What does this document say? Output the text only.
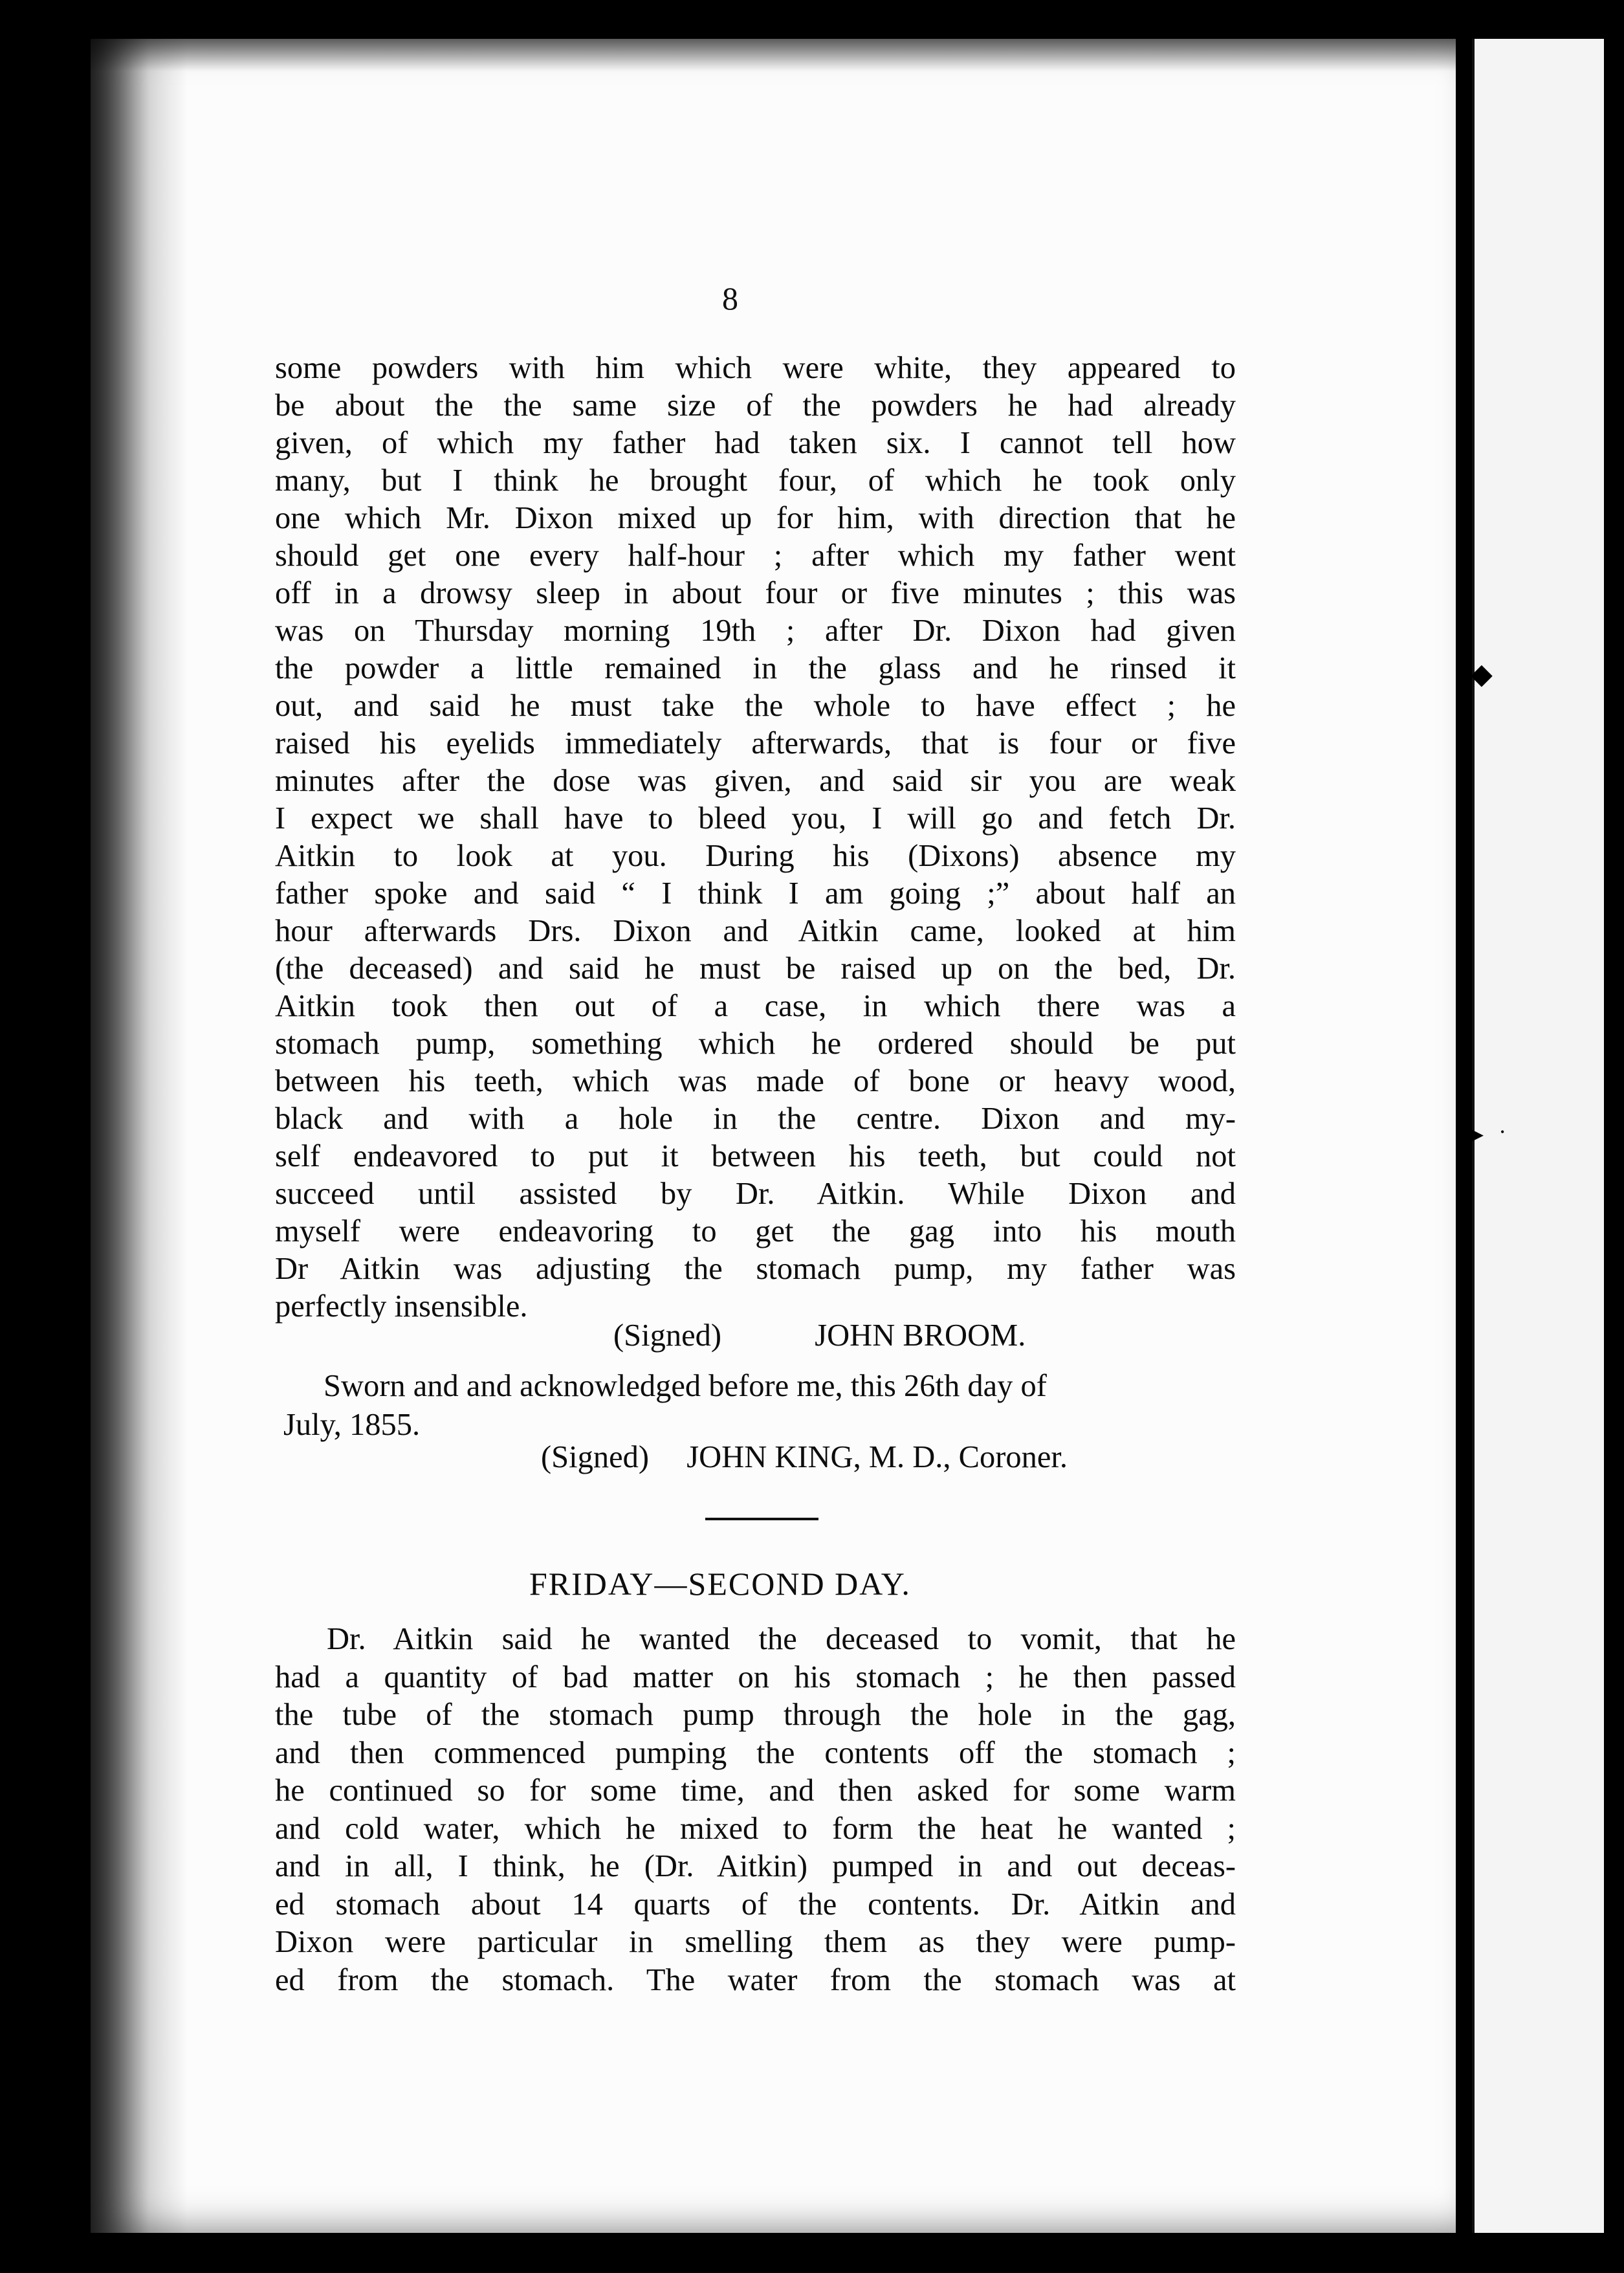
◆
▸ •
8
some powders with him which were white, they appeared to
be about the the same size of the powders he had already
given, of which my father had taken six. I cannot tell how
many, but I think he brought four, of which he took only
one which Mr. Dixon mixed up for him, with direction that he
should get one every half-hour ; after which my father went
off in a drowsy sleep in about four or five minutes ; this was
was on Thursday morning 19th ; after Dr. Dixon had given
the powder a little remained in the glass and he rinsed it
out, and said he must take the whole to have effect ; he
raised his eyelids immediately afterwards, that is four or five
minutes after the dose was given, and said sir you are weak
I expect we shall have to bleed you, I will go and fetch Dr.
Aitkin to look at you. During his (Dixons) absence my
father spoke and said “ I think I am going ;” about half an
hour afterwards Drs. Dixon and Aitkin came, looked at him
(the deceased) and said he must be raised up on the bed, Dr.
Aitkin took then out of a case, in which there was a
stomach pump, something which he ordered should be put
between his teeth, which was made of bone or heavy wood,
black and with a hole in the centre. Dixon and my-
self endeavored to put it between his teeth, but could not
succeed until assisted by Dr. Aitkin. While Dixon and
myself were endeavoring to get the gag into his mouth
Dr Aitkin was adjusting the stomach pump, my father was
perfectly insensible.
(Signed)	JOHN BROOM.
Sworn and and acknowledged before me, this 26th day of
July, 1855.
(Signed) JOHN KING, M. D., Coroner.
FRIDAY—SECOND DAY.
Dr. Aitkin said he wanted the deceased to vomit, that he
had a quantity of bad matter on his stomach ; he then passed
the tube of the stomach pump through the hole in the gag,
and then commenced pumping the contents off the stomach ;
he continued so for some time, and then asked for some warm
and cold water, which he mixed to form the heat he wanted ;
and in all, I think, he (Dr. Aitkin) pumped in and out deceas-
ed stomach about 14 quarts of the contents. Dr. Aitkin and
Dixon were particular in smelling them as they were pump-
ed from the stomach. The water from the stomach was at
